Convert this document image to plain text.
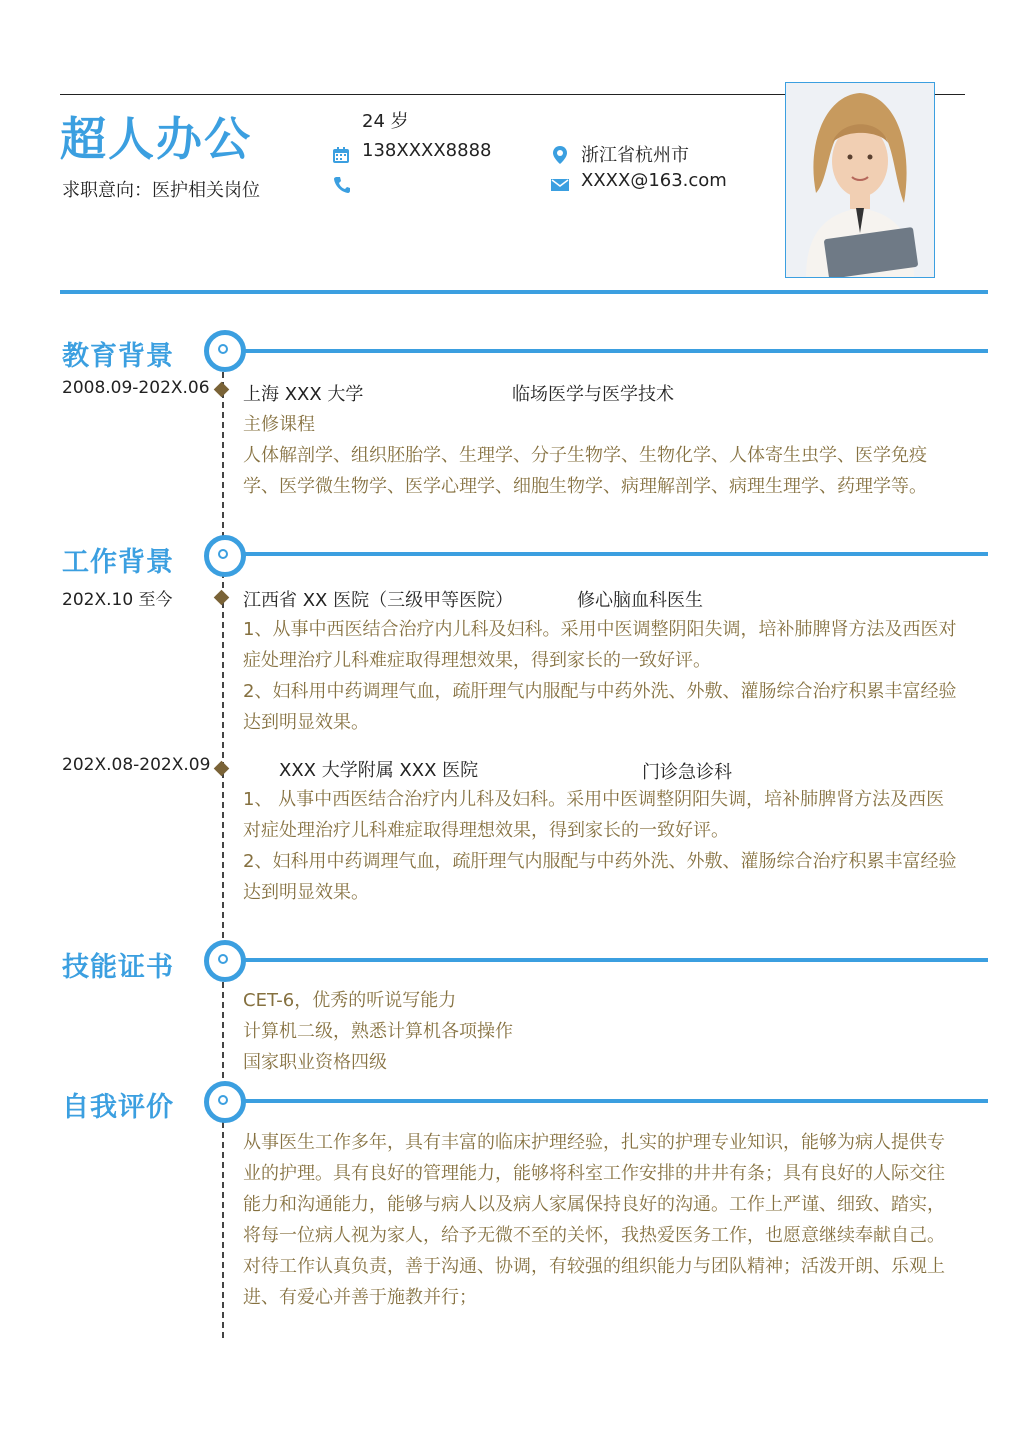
超人办公
求职意向：医护相关岗位
24 岁
138XXXX8888	浙江省杭州市
XXXX@163.com
教育背景
2008.09-202X.06 上海 XXX 大学	临场医学与医学技术
主修课程
人体解剖学、组织胚胎学、生理学、分子生物学、生物化学、人体寄生虫学、医学免疫
学、医学微生物学、医学心理学、细胞生物学、病理解剖学、病理生理学、药理学等。
工作背景
202X.10 至今	江西省 XX 医院（三级甲等医院）	修心脑血科医生
1、从事中西医结合治疗内儿科及妇科。采用中医调整阴阳失调，培补肺脾肾方法及西医对
症处理治疗儿科难症取得理想效果，得到家长的一致好评。
2、妇科用中药调理气血，疏肝理气内服配与中药外洗、外敷、灌肠综合治疗积累丰富经验
达到明显效果。
202X.08-202X.09	XXX 大学附属 XXX 医院	门诊急诊科
1、 从事中西医结合治疗内儿科及妇科。采用中医调整阴阳失调，培补肺脾肾方法及西医
对症处理治疗儿科难症取得理想效果，得到家长的一致好评。
2、妇科用中药调理气血，疏肝理气内服配与中药外洗、外敷、灌肠综合治疗积累丰富经验
达到明显效果。
技能证书
CET-6，优秀的听说写能力
计算机二级，熟悉计算机各项操作
国家职业资格四级
自我评价
从事医生工作多年，具有丰富的临床护理经验，扎实的护理专业知识，能够为病人提供专
业的护理。具有良好的管理能力，能够将科室工作安排的井井有条；具有良好的人际交往
能力和沟通能力，能够与病人以及病人家属保持良好的沟通。工作上严谨、细致、踏实，
将每一位病人视为家人，给予无微不至的关怀，我热爱医务工作，也愿意继续奉献自己。
对待工作认真负责，善于沟通、协调，有较强的组织能力与团队精神；活泼开朗、乐观上
进、有爱心并善于施教并行；
